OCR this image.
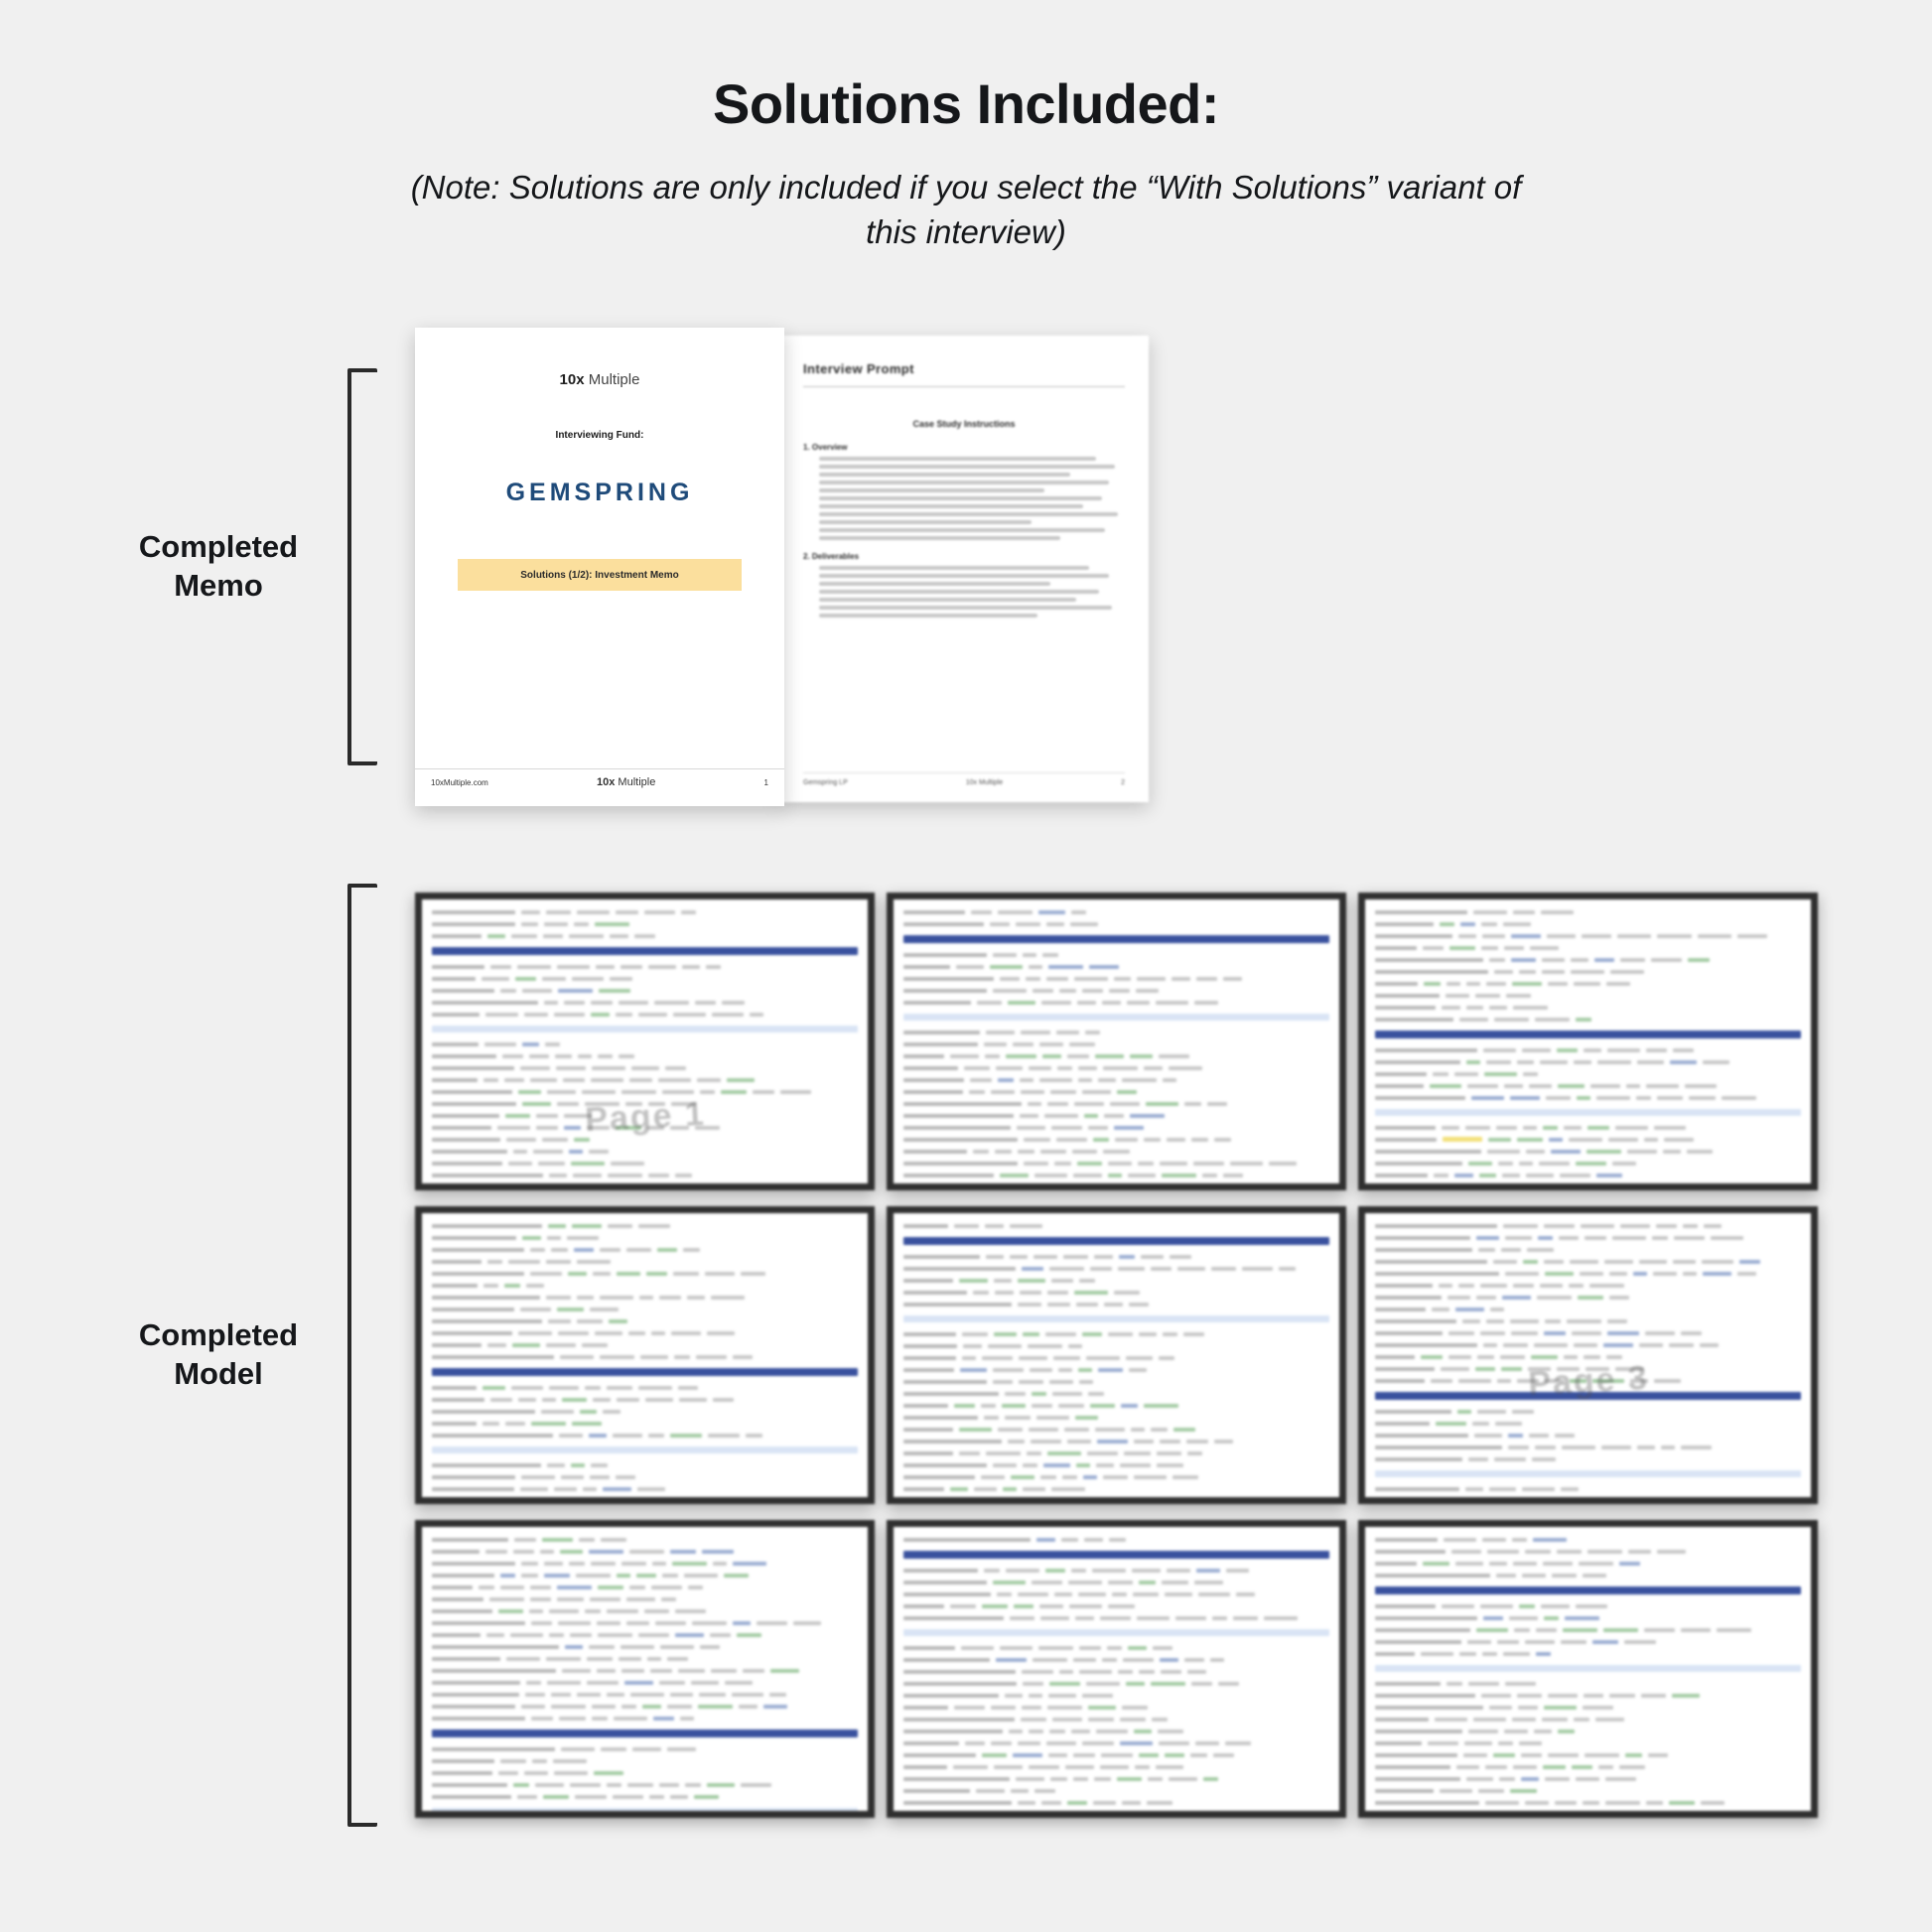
Solutions Included:

(Note: Solutions are only included if you select the “With Solutions” variant of this interview)

Completed
Memo
10x Multiple
Interviewing Fund:
GEMSPRING
Solutions (1/2): Investment Memo
10xMultiple.com	10x Multiple	1
Interview Prompt
Case Study Instructions
1. Overview
2. Deliverables
Gemspring LP	10x Multiple	2
Completed
Model
Page 1
Page 3
